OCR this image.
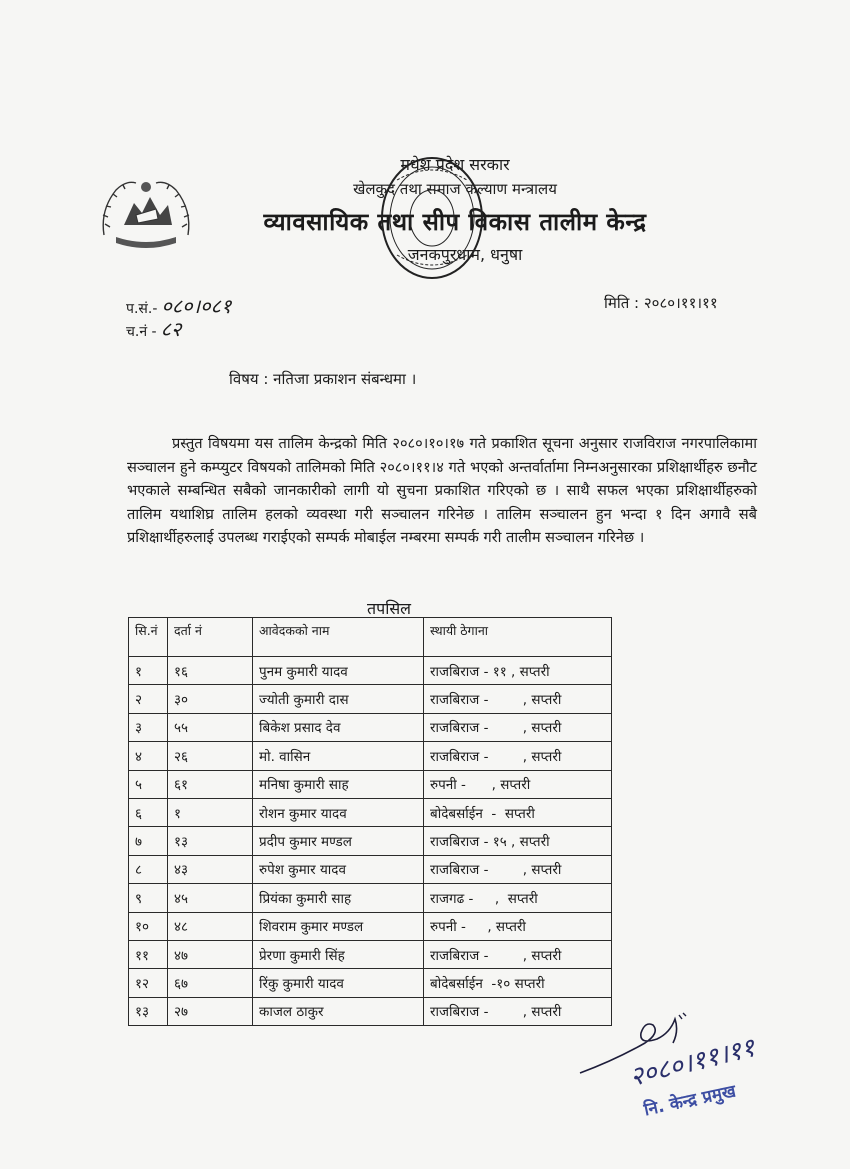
मधेश प्रदेश सरकार
खेलकुद तथा समाज कल्याण मन्त्रालय
व्यावसायिक तथा सीप विकास तालीम केन्द्र
जनकपुरधाम, धनुषा
प.सं.- ०८०।०८१
च.नं - ८२
मिति : २०८०।११।११
विषय : नतिजा प्रकाशन संबन्धमा ।

प्रस्तुत विषयमा यस तालिम केन्द्रको मिति २०८०।१०।१७ गते प्रकाशित सूचना अनुसार राजविराज नगरपालिकामा सञ्चालन हुने कम्प्युटर विषयको तालिमको मिति २०८०।११।४ गते भएको अन्तर्वार्तामा निम्नअनुसारका प्रशिक्षार्थीहरु छनौट भएकाले सम्बन्धित सबैको जानकारीको लागी यो सुचना प्रकाशित गरिएको छ । साथै सफल भएका प्रशिक्षार्थीहरुको तालिम यथाशिघ्र तालिम हलको व्यवस्था गरी सञ्चालन गरिनेछ । तालिम सञ्चालन हुन भन्दा १ दिन अगावै सबै प्रशिक्षार्थीहरुलाई उपलब्ध गराईएको सम्पर्क मोबाईल नम्बरमा सम्पर्क गरी तालीम सञ्चालन गरिनेछ ।

तपसिल
सि.नं	दर्ता नं	आवेदकको नाम	स्थायी ठेगाना
१	१६	पुनम कुमारी यादव	राजबिराज - ११ , सप्तरी
२	३०	ज्योती कुमारी दास	राजबिराज -        , सप्तरी
३	५५	बिकेश प्रसाद देव	राजबिराज -        , सप्तरी
४	२६	मो. वासिन	राजबिराज -        , सप्तरी
५	६१	मनिषा कुमारी साह	रुपनी -      , सप्तरी
६	१	रोशन कुमार यादव	बोदेबर्साईन  -  सप्तरी
७	१३	प्रदीप कुमार मण्डल	राजबिराज - १५ , सप्तरी
८	४३	रुपेश कुमार यादव	राजबिराज -        , सप्तरी
९	४५	प्रियंका कुमारी साह	राजगढ -     ,  सप्तरी
१०	४८	शिवराम कुमार मण्डल	रुपनी -     , सप्तरी
११	४७	प्रेरणा कुमारी सिंह	राजबिराज -        , सप्तरी
१२	६७	रिंकु कुमारी यादव	बोदेबर्साईन  -१० सप्तरी
१३	२७	काजल ठाकुर	राजबिराज -        , सप्तरी
२०८०।११।११
नि. केन्द्र प्रमुख
